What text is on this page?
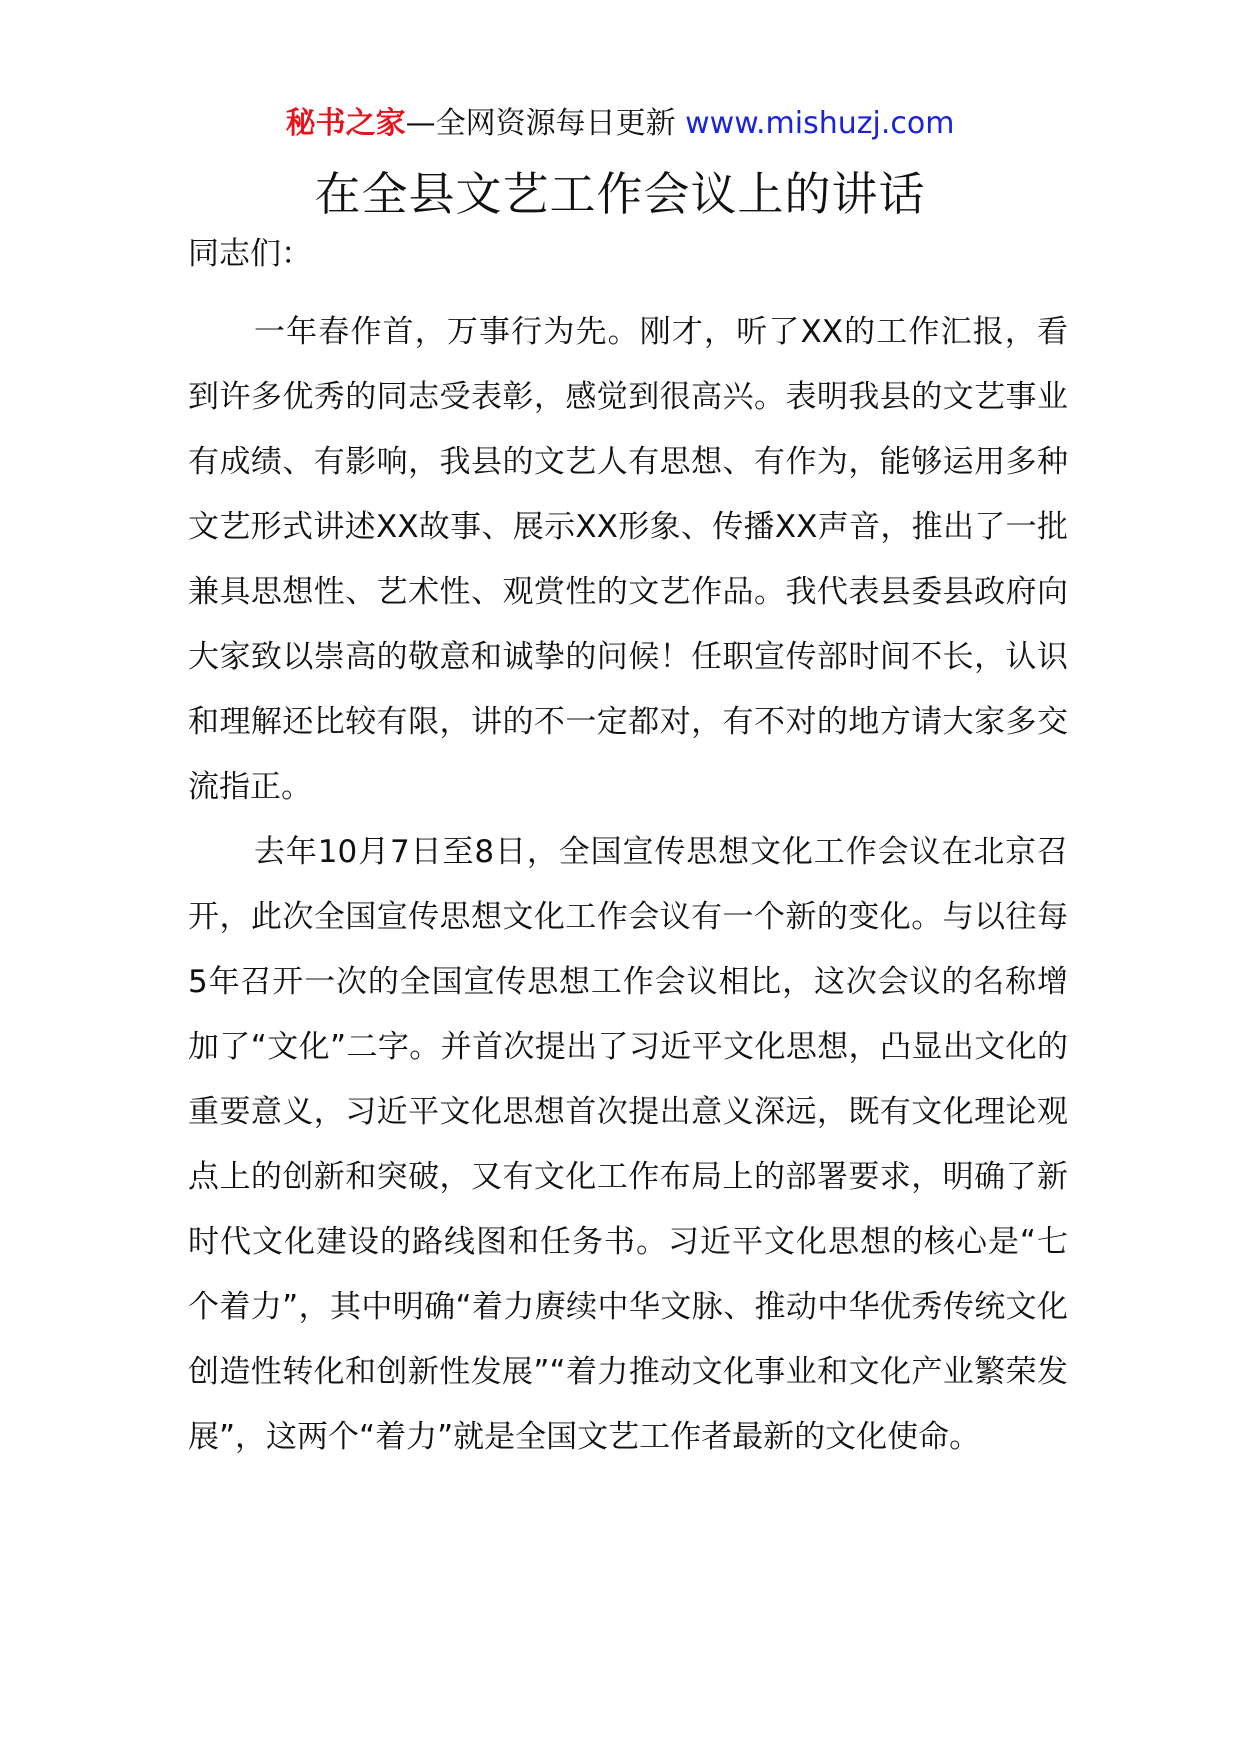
秘书之家—全网资源每日更新 www.mishuzj.com
在全县文艺工作会议上的讲话

同志们：

一年春作首，万事行为先。刚才，听了XX的工作汇报，看到许多优秀的同志受表彰，感觉到很高兴。表明我县的文艺事业有成绩、有影响，我县的文艺人有思想、有作为，能够运用多种文艺形式讲述XX故事、展示XX形象、传播XX声音，推出了一批兼具思想性、艺术性、观赏性的文艺作品。我代表县委县政府向大家致以崇高的敬意和诚挚的问候！任职宣传部时间不长，认识和理解还比较有限，讲的不一定都对，有不对的地方请大家多交流指正。

去年10月7日至8日，全国宣传思想文化工作会议在北京召开，此次全国宣传思想文化工作会议有一个新的变化。与以往每5年召开一次的全国宣传思想工作会议相比，这次会议的名称增加了“文化”二字。并首次提出了习近平文化思想，凸显出文化的重要意义，习近平文化思想首次提出意义深远，既有文化理论观点上的创新和突破，又有文化工作布局上的部署要求，明确了新时代文化建设的路线图和任务书。习近平文化思想的核心是“七个着力”，其中明确“着力赓续中华文脉、推动中华优秀传统文化创造性转化和创新性发展”“着力推动文化事业和文化产业繁荣发展”，这两个“着力”就是全国文艺工作者最新的文化使命。
